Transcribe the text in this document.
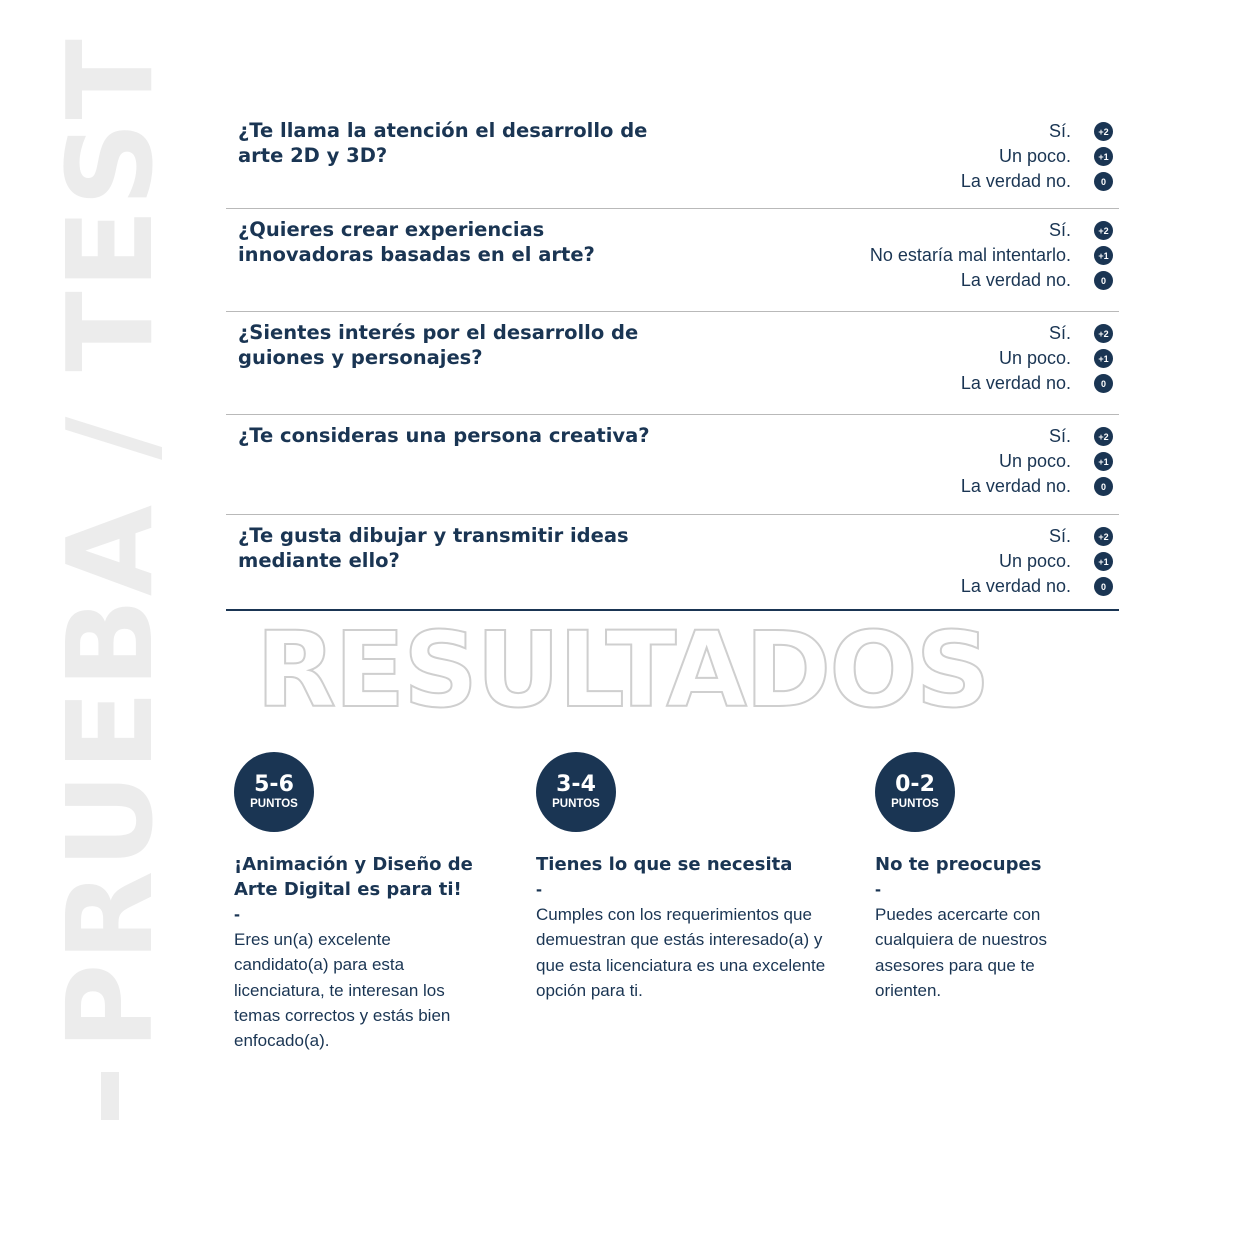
PRUEBA / TEST	¿Te llama la atención el desarrollo de arte 2D y 3D?
Sí.	+2
Un poco.	+1
La verdad no.	0
¿Quieres crear experiencias innovadoras basadas en el arte?
Sí.	+2
No estaría mal intentarlo.	+1
La verdad no.	0
¿Sientes interés por el desarrollo de guiones y personajes?
Sí.	+2
Un poco.	+1
La verdad no.	0
¿Te consideras una persona creativa?	Sí.	+2
Un poco.	+1
La verdad no.	0
¿Te gusta dibujar y transmitir ideas mediante ello?
Sí.	+2
Un poco.	+1
La verdad no.	0
RESULTADOS
5-6
PUNTOS
¡Animación y Diseño de Arte Digital es para ti!
-
Eres un(a) excelente candidato(a) para esta licenciatura, te interesan los temas correctos y estás bien enfocado(a).
3-4
PUNTOS
Tienes lo que se necesita
-
Cumples con los requerimientos que demuestran que estás interesado(a) y que esta licenciatura es una excelente opción para ti.
0-2
PUNTOS
No te preocupes
-
Puedes acercarte con cualquiera de nuestros asesores para que te orienten.
